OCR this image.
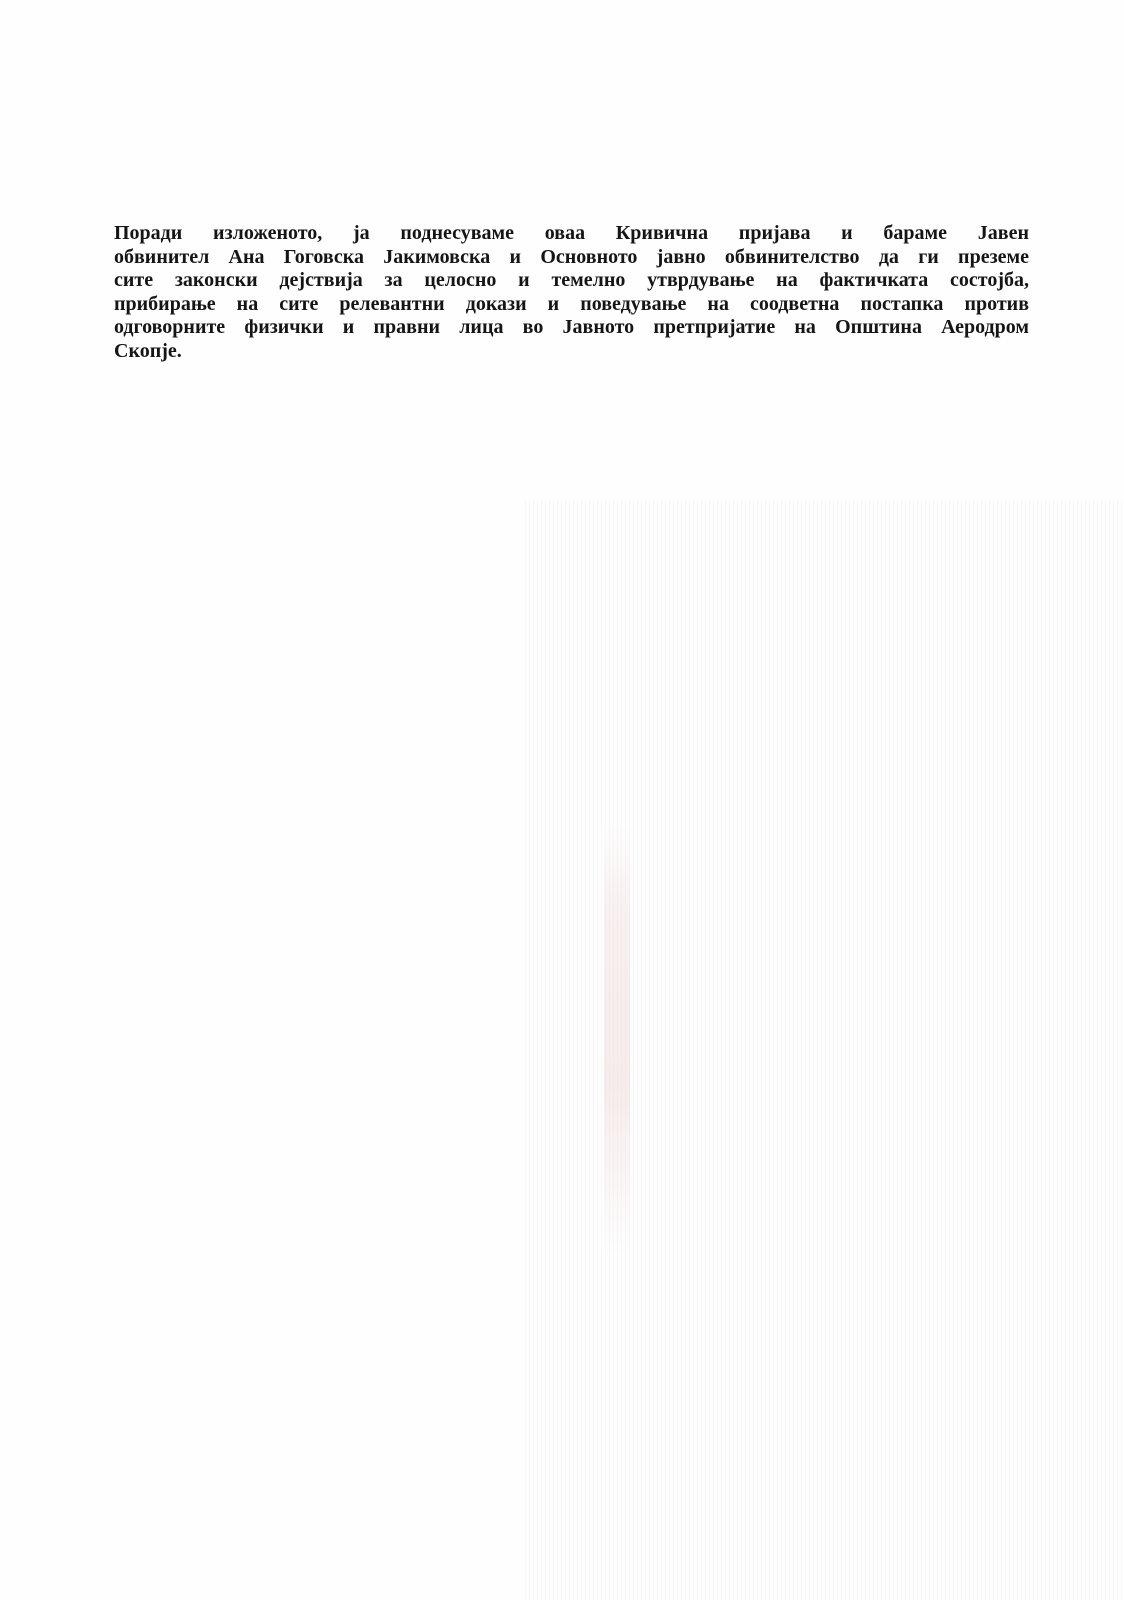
Поради изложеното, ја поднесуваме оваа Кривична пријава и бараме Јавен
обвинител Ана Гоговска Јакимовска и Основното јавно обвинителство да ги преземе
сите законски дејствија за целосно и темелно утврдување на фактичката состојба,
прибирање на сите релевантни докази и поведување на соодветна постапка против
одговорните физички и правни лица во Јавното претпријатие на Општина Аеродром
Скопје.
